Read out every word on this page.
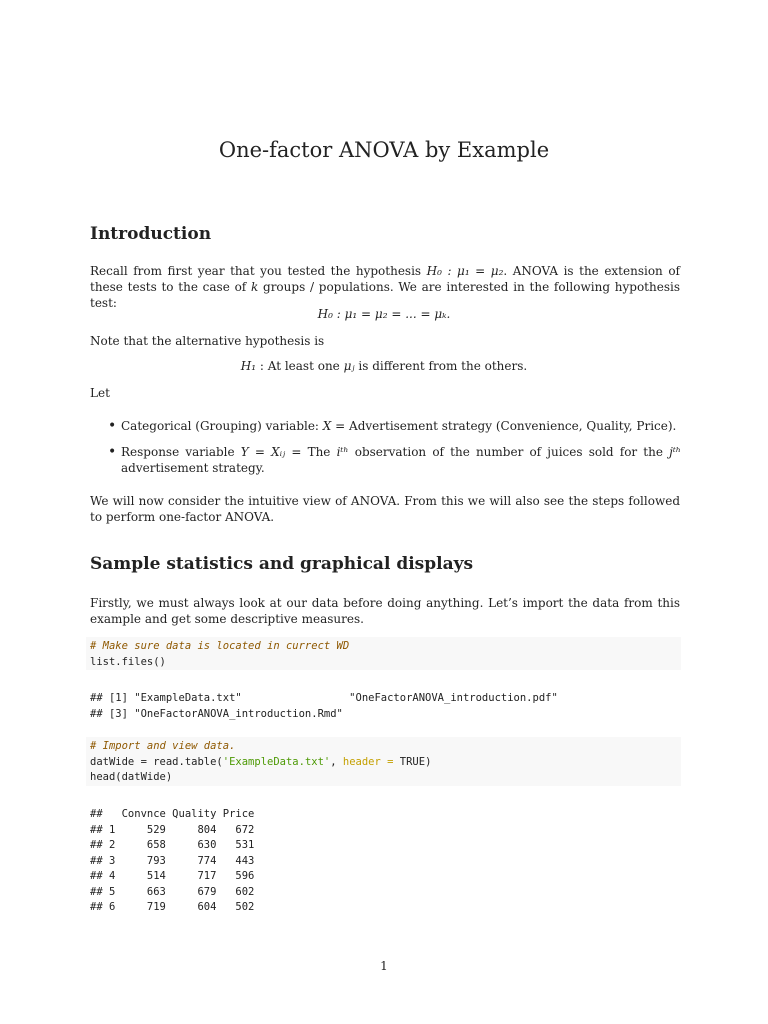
One-factor ANOVA by Example
Introduction

Recall from first year that you tested the hypothesis H₀ : μ₁ = μ₂. ANOVA is the extension of these tests to the case of k groups / populations. We are interested in the following hypothesis test:

H₀ : μ₁ = μ₂ = ... = μₖ.

Note that the alternative hypothesis is

H₁ : At least one μⱼ is different from the others.

Let

• Categorical (Grouping) variable: X = Advertisement strategy (Convenience, Quality, Price).
• Response variable Y = Xᵢⱼ = The iᵗʰ observation of the number of juices sold for the jᵗʰ advertisement strategy.

We will now consider the intuitive view of ANOVA. From this we will also see the steps followed to perform one-factor ANOVA.

Sample statistics and graphical displays

Firstly, we must always look at our data before doing anything. Let’s import the data from this example and get some descriptive measures.

# Make sure data is located in currect WD
list.files()
## [1] "ExampleData.txt"                 "OneFactorANOVA_introduction.pdf"
## [3] "OneFactorANOVA_introduction.Rmd"
# Import and view data.
datWide = read.table('ExampleData.txt', header = TRUE)
head(datWide)
##   Convnce Quality Price
## 1     529     804   672
## 2     658     630   531
## 3     793     774   443
## 4     514     717   596
## 5     663     679   602
## 6     719     604   502
1
